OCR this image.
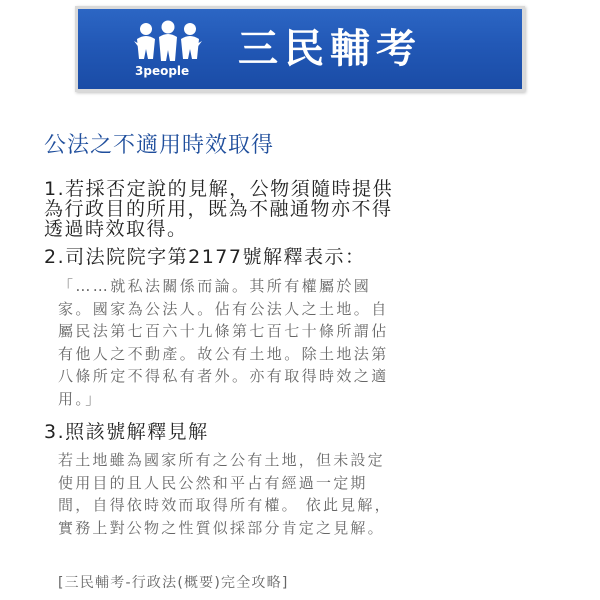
3people 三民輔考
公法之不適用時效取得
1.若採否定說的見解，公物須隨時提供
為行政目的所用，既為不融通物亦不得
透過時效取得。
2.司法院院字第2177號解釋表示：
「……就私法關係而論。其所有權屬於國
家。國家為公法人。佔有公法人之土地。自
屬民法第七百六十九條第七百七十條所謂佔
有他人之不動產。故公有土地。除土地法第
八條所定不得私有者外。亦有取得時效之適
用。」
3.照該號解釋見解
若土地雖為國家所有之公有土地，但未設定
使用目的且人民公然和平占有經過一定期
間，自得依時效而取得所有權。 依此見解，
實務上對公物之性質似採部分肯定之見解。
[三民輔考-行政法(概要)完全攻略]
